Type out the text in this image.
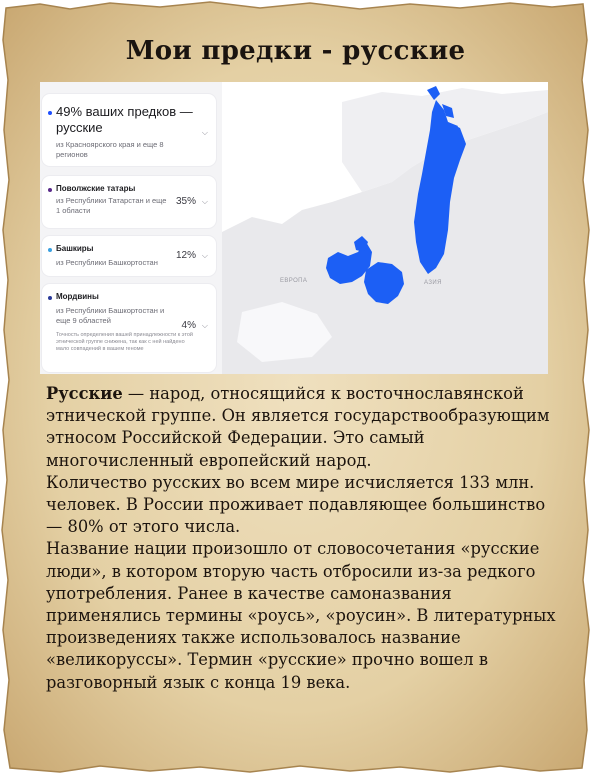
Мои предки - русские
49% ваших предков — русские
из Красноярского края и еще 8 регионов
⌵
Поволжские татары
из Республики Татарстан и еще 1 области
35% ⌵
Башкиры
из Республики Башкортостан
12% ⌵
Мордвины
из Республики Башкортостан и еще 9 областей	4% ⌵
Точность определения вашей принадлежности к этой этнической группе снижена, так как с ней найдено мало совпадений в вашем геноме
ЕВРОПА	АЗИЯ

Русские — народ, относящийся к восточнославянской этнической группе. Он является государствообразующим этносом Российской Федерации. Это самый многочисленный европейский народ.

Количество русских во всем мире исчисляется 133 млн. человек. В России проживает подавляющее большинство — 80% от этого числа.

Название нации произошло от словосочетания «русские люди», в котором вторую часть отбросили из-за редкого употребления. Ранее в качестве самоназвания применялись термины «роусь», «роусин». В литературных произведениях также использовалось название «великоруссы». Термин «русские» прочно вошел в разговорный язык с конца 19 века.
